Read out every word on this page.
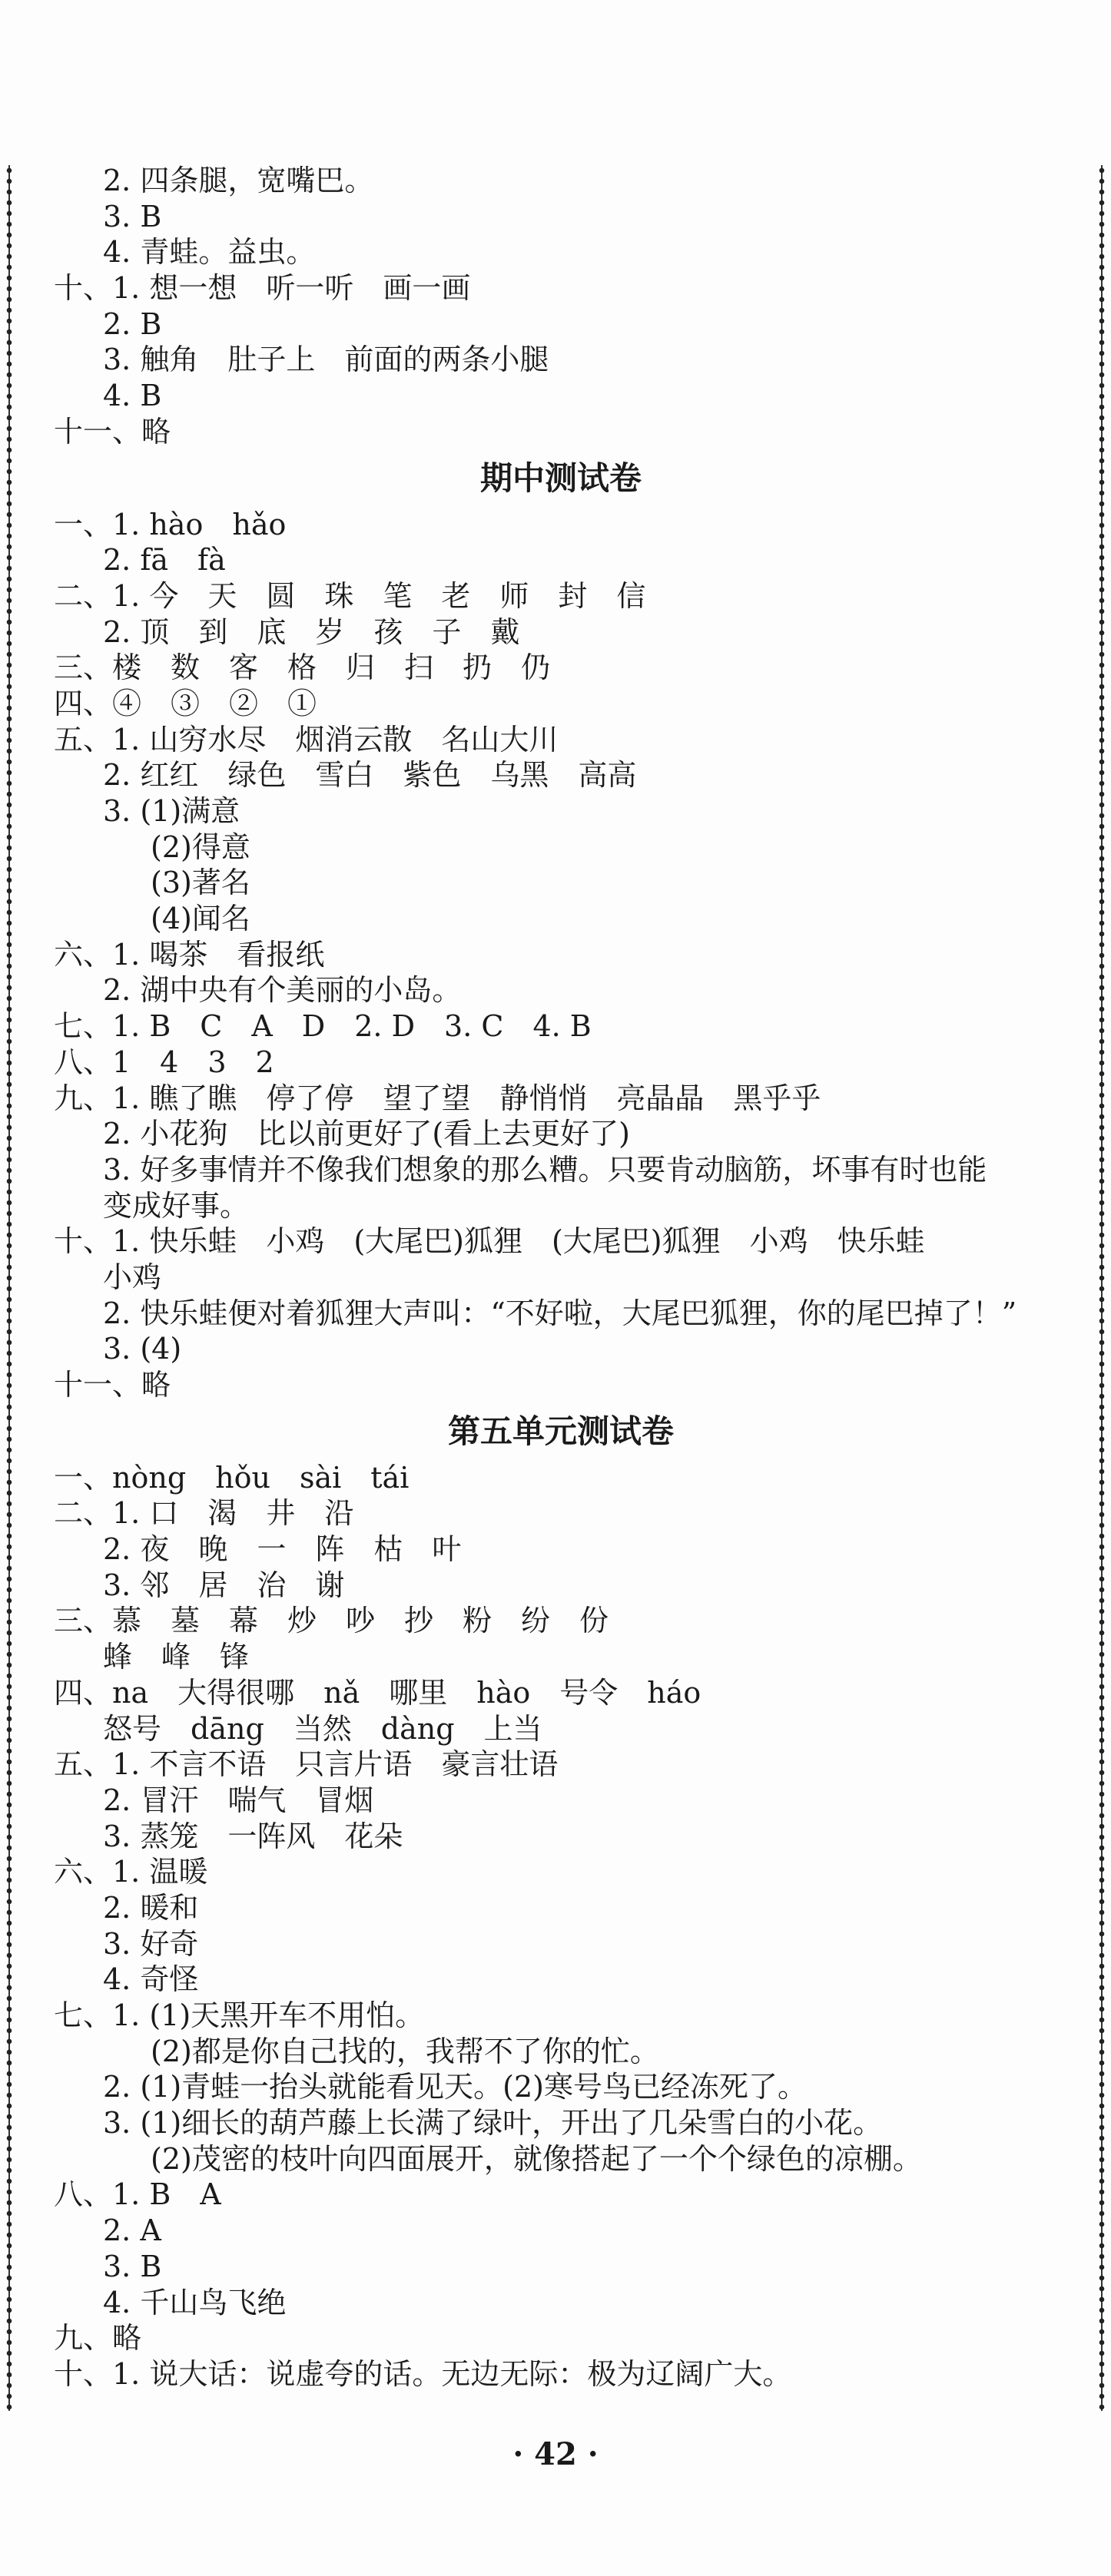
2. 四条腿，宽嘴巴。
3. B
4. 青蛙。益虫。
十、1. 想一想　听一听　画一画
2. B
3. 触角　肚子上　前面的两条小腿
4. B
十一、略
期中测试卷
一、1. hào　hǎo
2. fā　fà
二、1. 今　天　圆　珠　笔　老　师　封　信
2. 顶　到　底　岁　孩　子　戴
三、楼　数　客　格　归　扫　扔　仍
四、④　③　②　①
五、1. 山穷水尽　烟消云散　名山大川
2. 红红　绿色　雪白　紫色　乌黑　高高
3. (1)满意
(2)得意
(3)著名
(4)闻名
六、1. 喝茶　看报纸
2. 湖中央有个美丽的小岛。
七、1. B　C　A　D　2. D　3. C　4. B
八、1　4　3　2
九、1. 瞧了瞧　停了停　望了望　静悄悄　亮晶晶　黑乎乎
2. 小花狗　比以前更好了(看上去更好了)
3. 好多事情并不像我们想象的那么糟。只要肯动脑筋，坏事有时也能
变成好事。
十、1. 快乐蛙　小鸡　(大尾巴)狐狸　(大尾巴)狐狸　小鸡　快乐蛙
小鸡
2. 快乐蛙便对着狐狸大声叫：“不好啦，大尾巴狐狸，你的尾巴掉了！”
3. (4)
十一、略
第五单元测试卷
一、nòng　hǒu　sài　tái
二、1. 口　渴　井　沿
2. 夜　晚　一　阵　枯　叶
3. 邻　居　治　谢
三、慕　墓　幕　炒　吵　抄　粉　纷　份
蜂　峰　锋
四、na　大得很哪　nǎ　哪里　hào　号令　háo
怒号　dāng　当然　dàng　上当
五、1. 不言不语　只言片语　豪言壮语
2. 冒汗　喘气　冒烟
3. 蒸笼　一阵风　花朵
六、1. 温暖
2. 暖和
3. 好奇
4. 奇怪
七、1. (1)天黑开车不用怕。
(2)都是你自己找的，我帮不了你的忙。
2. (1)青蛙一抬头就能看见天。(2)寒号鸟已经冻死了。
3. (1)细长的葫芦藤上长满了绿叶，开出了几朵雪白的小花。
(2)茂密的枝叶向四面展开，就像搭起了一个个绿色的凉棚。
八、1. B　A
2. A
3. B
4. 千山鸟飞绝
九、略
十、1. 说大话：说虚夸的话。无边无际：极为辽阔广大。
· 42 ·
